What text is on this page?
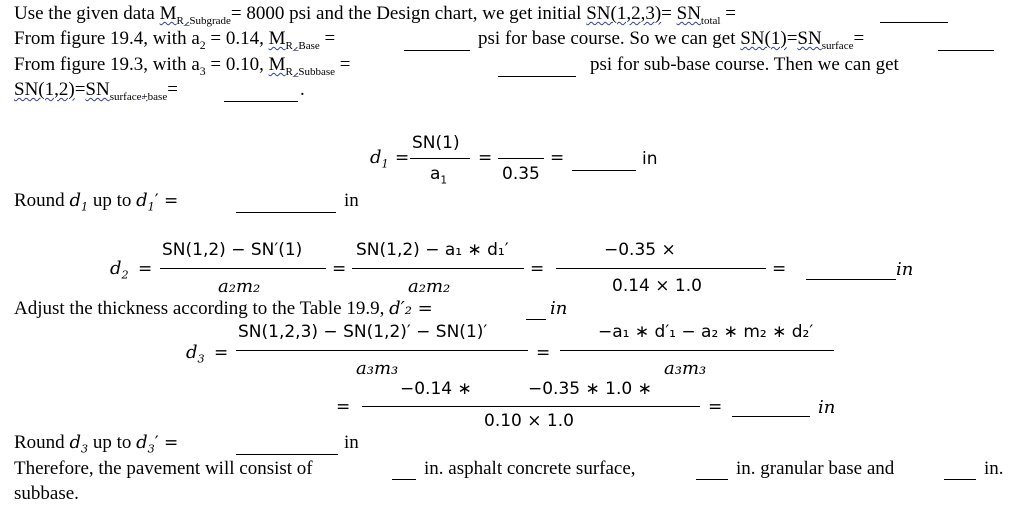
Use the given data $M_{R\_Subgrade}= 8000$ psi and the Design chart, we get initial $SN(1,2,3)= SN_{total}$ =
From figure 19.4, with $a_2 = 0.14$, $M_{R\_Base}$ =	psi for base course. So we can get $SN(1)=SN_{surface}=$
From figure 19.3, with $a_3 = 0.10$, $M_{R\_Subbase}$ =	psi for sub-base course. Then we can get
$SN(1,2)=SN_{surface+base}=$	.
$d_1$ =
SN(1)
$a_1$
=
0.35
=	in
Round $d_1$ up to $d_1'$ =	in
$d_2$ =
SN(1,2) − SN′(1)
a₂m₂
=
SN(1,2) − a₁ ∗ d₁′
a₂m₂
=
−0.35 ×
0.14 × 1.0
=	in
Adjust the thickness according to the Table 19.9, d′₂ =	in
$d_3$ =
SN(1,2,3) − SN(1,2)′ − SN(1)′
a₃m₃
=
−a₁ ∗ d′₁ − a₂ ∗ m₂ ∗ d₂′
a₃m₃
=
−0.14 ∗	−0.35 ∗ 1.0 ∗
0.10 × 1.0
=	in
Round $d_3$ up to $d_3'$ =	in
Therefore, the pavement will consist of	in. asphalt concrete surface,	in. granular base and	in.
subbase.
